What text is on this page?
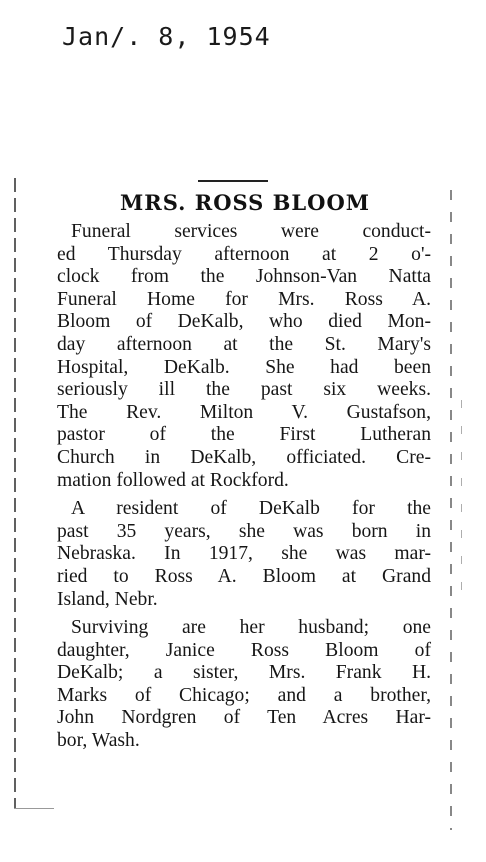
Jan/. 8, 1954
MRS. ROSS BLOOM
Funeral services were conduct-
ed Thursday afternoon at 2 o'-
clock from the Johnson-Van Natta
Funeral Home for Mrs. Ross A.
Bloom of DeKalb, who died Mon-
day afternoon at the St. Mary's
Hospital, DeKalb. She had been
seriously ill the past six weeks.
The Rev. Milton V. Gustafson,
pastor of the First Lutheran
Church in DeKalb, officiated. Cre-
mation followed at Rockford.
A resident of DeKalb for the
past 35 years, she was born in
Nebraska. In 1917, she was mar-
ried to Ross A. Bloom at Grand
Island, Nebr.
Surviving are her husband; one
daughter, Janice Ross Bloom of
DeKalb; a sister, Mrs. Frank H.
Marks of Chicago; and a brother,
John Nordgren of Ten Acres Har-
bor, Wash.
